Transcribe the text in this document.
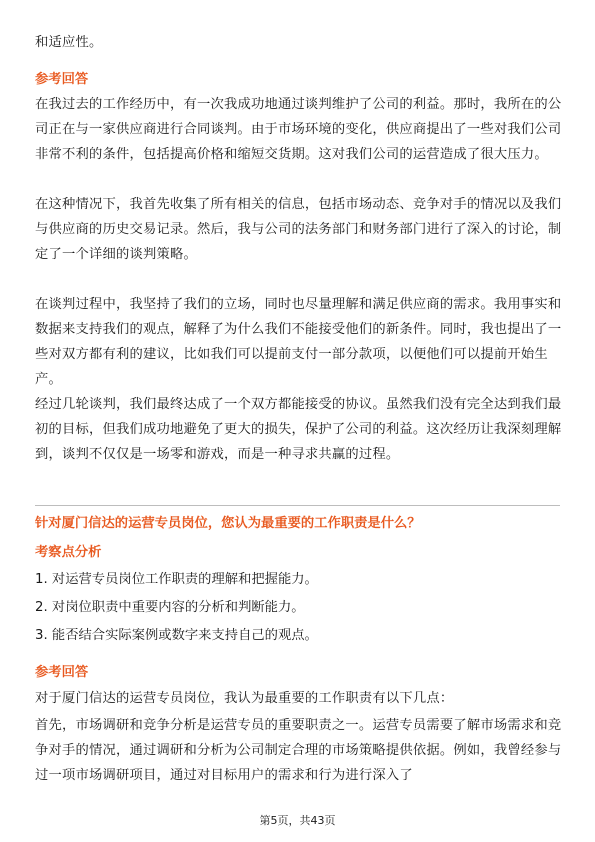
和适应性。

参考回答

在我过去的工作经历中，有一次我成功地通过谈判维护了公司的利益。那时，我所在的公司正在与一家供应商进行合同谈判。由于市场环境的变化，供应商提出了一些对我们公司非常不利的条件，包括提高价格和缩短交货期。这对我们公司的运营造成了很大压力。

在这种情况下，我首先收集了所有相关的信息，包括市场动态、竞争对手的情况以及我们与供应商的历史交易记录。然后，我与公司的法务部门和财务部门进行了深入的讨论，制定了一个详细的谈判策略。

在谈判过程中，我坚持了我们的立场，同时也尽量理解和满足供应商的需求。我用事实和数据来支持我们的观点，解释了为什么我们不能接受他们的新条件。同时，我也提出了一些对双方都有利的建议，比如我们可以提前支付一部分款项，以便他们可以提前开始生产。

经过几轮谈判，我们最终达成了一个双方都能接受的协议。虽然我们没有完全达到我们最初的目标，但我们成功地避免了更大的损失，保护了公司的利益。这次经历让我深刻理解到，谈判不仅仅是一场零和游戏，而是一种寻求共赢的过程。

针对厦门信达的运营专员岗位，您认为最重要的工作职责是什么？

考察点分析

1. 对运营专员岗位工作职责的理解和把握能力。

2. 对岗位职责中重要内容的分析和判断能力。

3. 能否结合实际案例或数字来支持自己的观点。

参考回答

对于厦门信达的运营专员岗位，我认为最重要的工作职责有以下几点：

首先，市场调研和竞争分析是运营专员的重要职责之一。运营专员需要了解市场需求和竞争对手的情况，通过调研和分析为公司制定合理的市场策略提供依据。例如，我曾经参与过一项市场调研项目，通过对目标用户的需求和行为进行深入了

第5页，共43页
